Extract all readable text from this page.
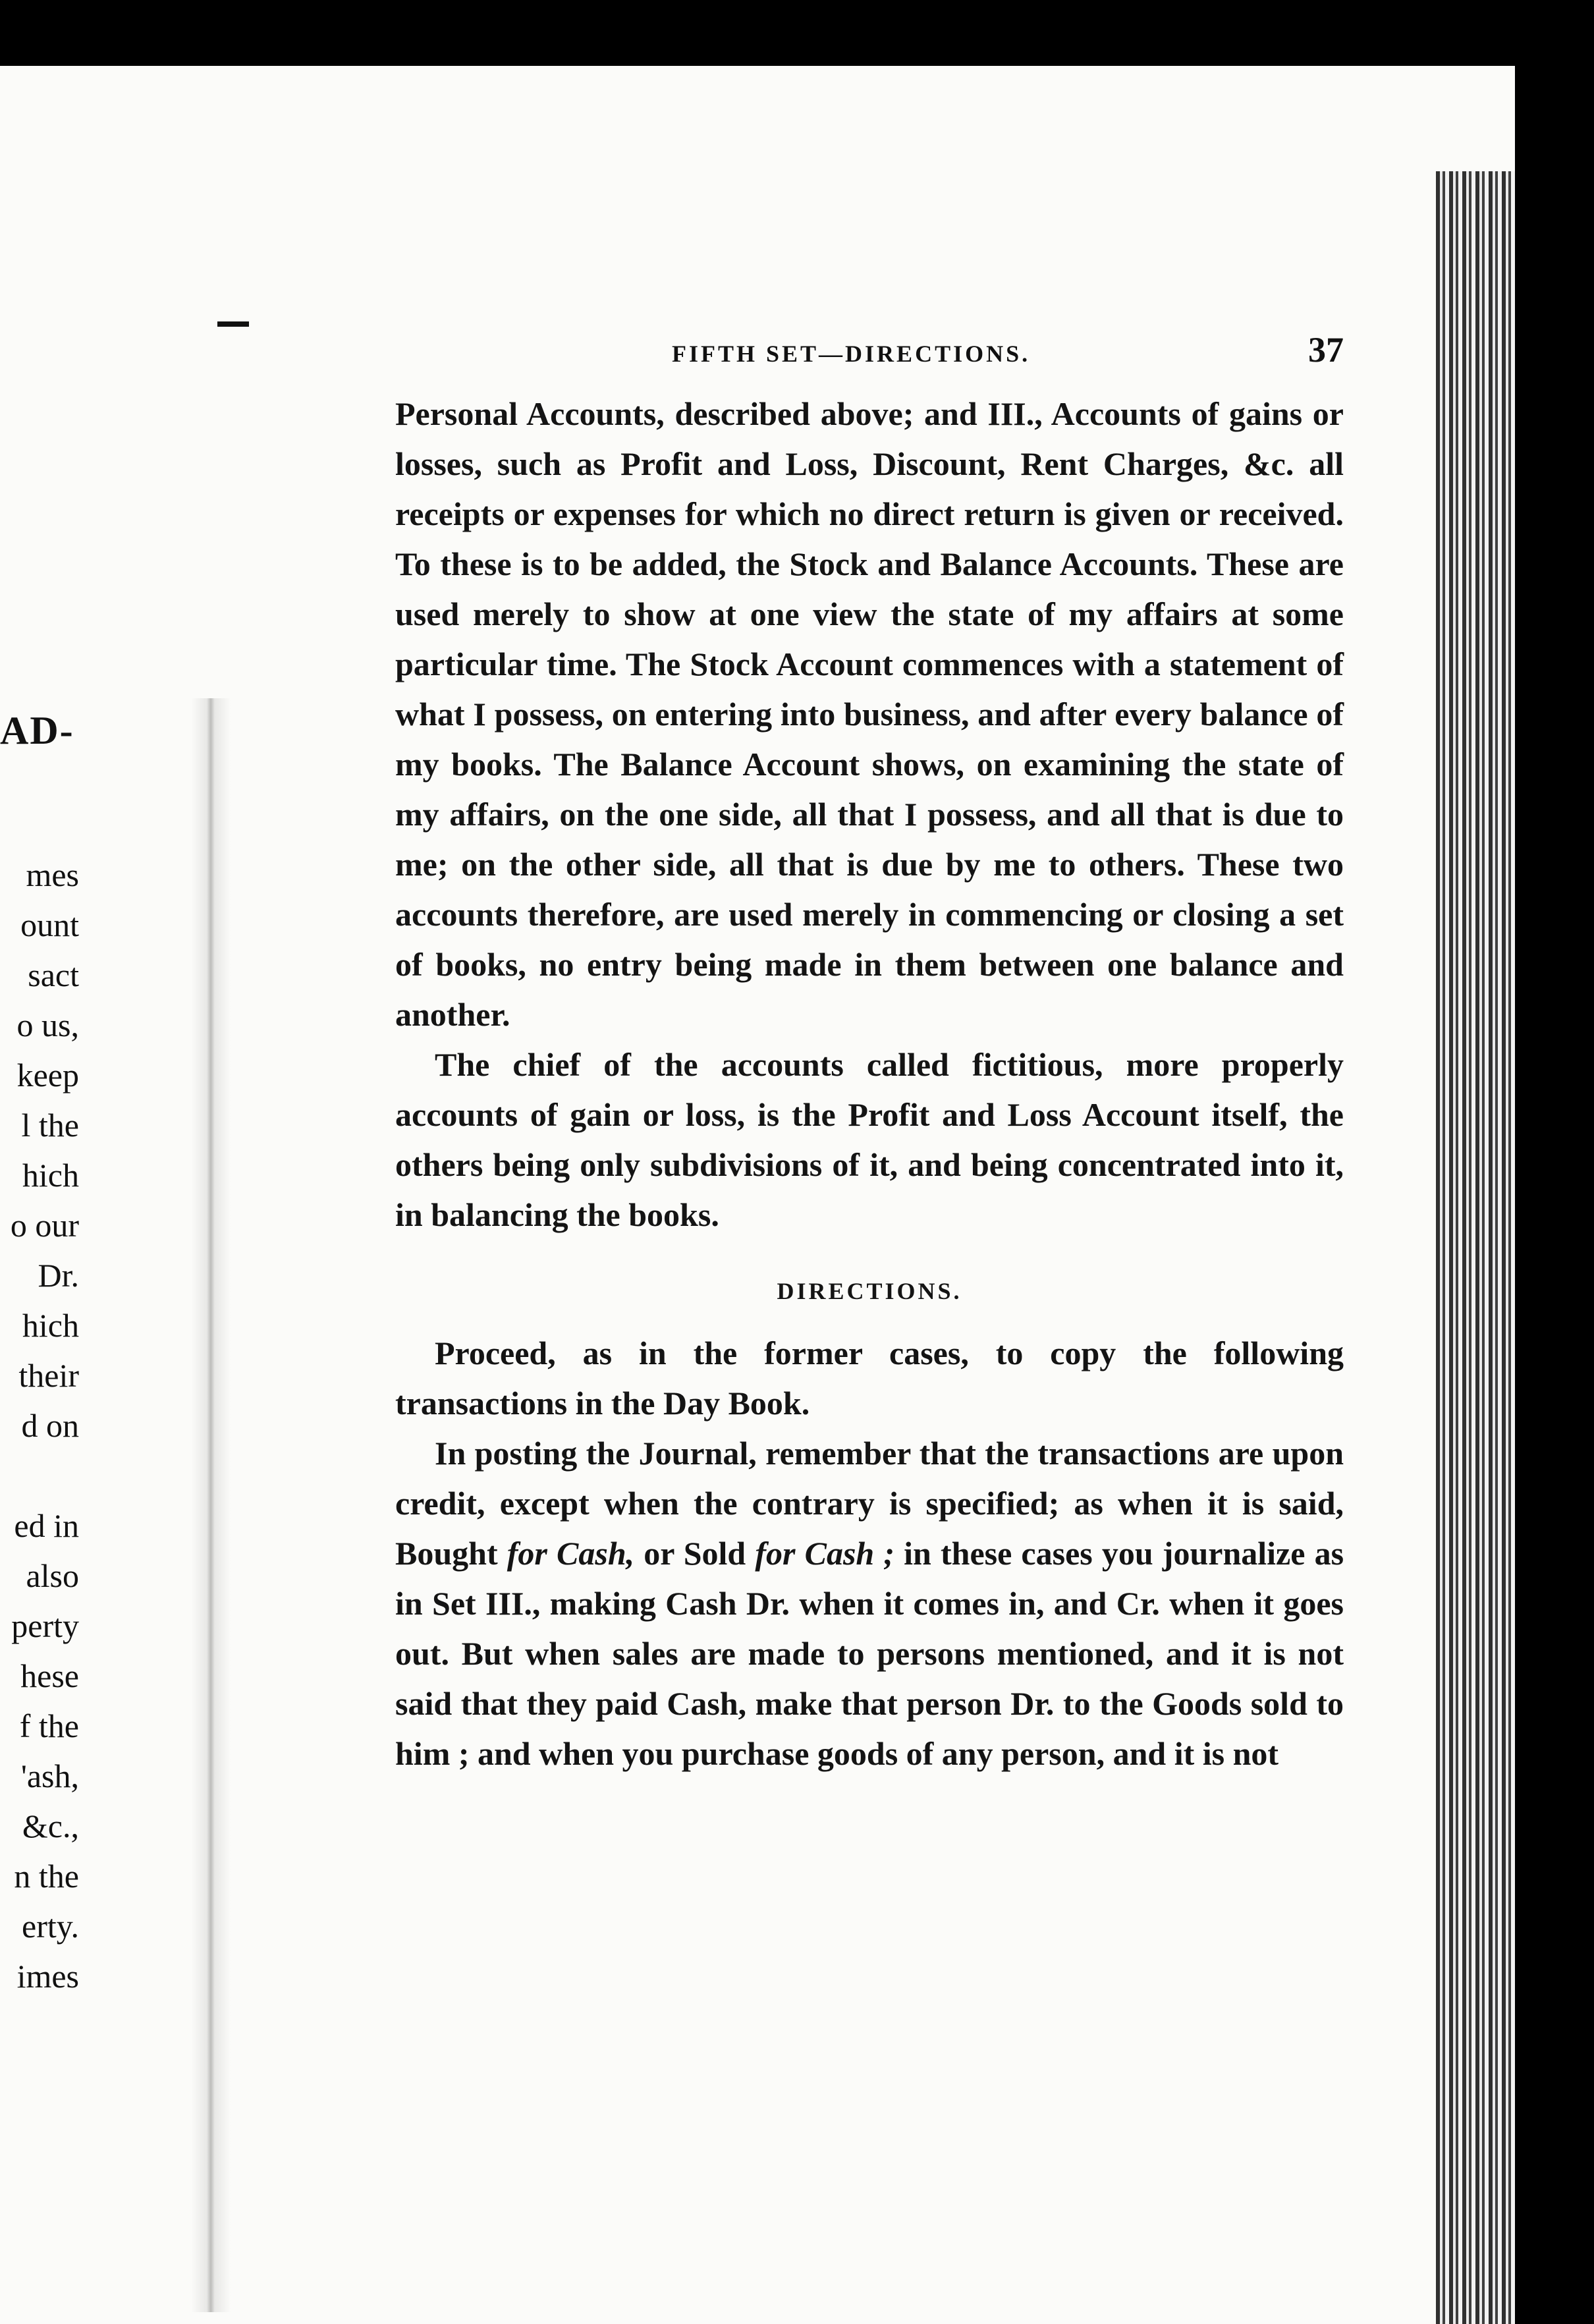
AD-
mes
ount
sact
o us,
keep
l the
hich
o our
Dr.
hich
their
d on

ed in
also
perty
hese
f the
'ash,
&c.,
n the
erty.
imes
FIFTH SET—DIRECTIONS.	37

Personal Accounts, described above; and III., Accounts of gains or losses, such as Profit and Loss, Discount, Rent Charges, &c. all receipts or expenses for which no direct return is given or received. To these is to be added, the Stock and Balance Accounts. These are used merely to show at one view the state of my affairs at some particular time. The Stock Account commences with a statement of what I possess, on entering into business, and after every balance of my books. The Balance Account shows, on examining the state of my affairs, on the one side, all that I possess, and all that is due to me; on the other side, all that is due by me to others. These two accounts therefore, are used merely in commencing or closing a set of books, no entry being made in them between one balance and another.

The chief of the accounts called fictitious, more properly accounts of gain or loss, is the Profit and Loss Account itself, the others being only subdivisions of it, and being concentrated into it, in balancing the books.

DIRECTIONS.

Proceed, as in the former cases, to copy the following transactions in the Day Book.

In posting the Journal, remember that the transactions are upon credit, except when the contrary is specified; as when it is said, Bought for Cash, or Sold for Cash ; in these cases you journalize as in Set III., making Cash Dr. when it comes in, and Cr. when it goes out. But when sales are made to persons mentioned, and it is not said that they paid Cash, make that person Dr. to the Goods sold to him ; and when you purchase goods of any person, and it is not
